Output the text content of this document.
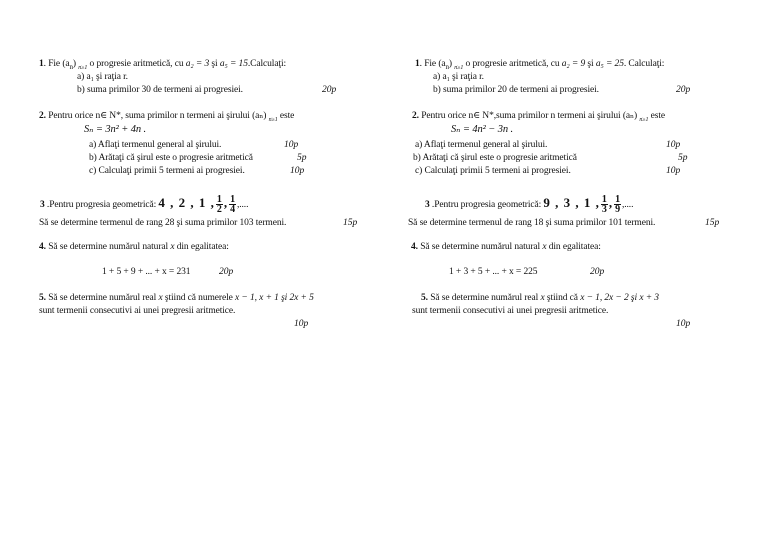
1. Fie $(a_n)$ $_{n\ge 1}$ o progresie aritmetică, cu a₂ = 3 şi a₅ = 15.Calculaţi:
a) a₁ şi raţia r.
b) suma primilor 30 de termeni ai progresiei.	20p
2. Pentru orice n∈ N*, suma primilor n termeni ai şirului (aₙ) $_{n\ge 1}$ este
Sₙ = 3n² + 4n .
a) Aflaţi termenul general al şirului.	10p
b) Arătaţi că şirul este o progresie aritmetică	5p
c) Calculaţi primii 5 termeni ai progresiei.	10p
3 .Pentru progresia geometrică: 4 , 2 , 1 , $\frac{1}{2}$ , $\frac{1}{4}$ ,....
Să se determine termenul de rang 28 şi suma primilor 103 termeni.	15p
4. Să se determine numărul natural x din egalitatea:
1 + 5 + 9 + ... + x = 231	20p
5. Să se determine numărul real x ştiind că numerele x − 1, x + 1 şi 2x + 5
sunt termenii consecutivi ai unei pregresii aritmetice.
10p
1. Fie $(a_n)$ $_{n\ge 1}$ o progresie aritmetică, cu a₂ = 9 şi a₅ = 25. Calculaţi:
a) a₁ şi raţia r.
b) suma primilor 20 de termeni ai progresiei.	20p
2. Pentru orice n∈ N*,suma primilor n termeni ai şirului (aₙ) $_{n\ge 1}$ este
Sₙ = 4n² − 3n .
a) Aflaţi termenul general al şirului.	10p
b) Arătaţi că şirul este o progresie aritmetică	5p
c) Calculaţi primii 5 termeni ai progresiei.	10p
3 .Pentru progresia geometrică: 9 , 3 , 1 , $\frac{1}{3}$ , $\frac{1}{9}$ ,....
Să se determine termenul de rang 18 şi suma primilor 101 termeni.	15p
4. Să se determine numărul natural x din egalitatea:
1 + 3 + 5 + ... + x = 225	20p
5. Să se determine numărul real x ştiind că x − 1, 2x − 2 şi x + 3
sunt termenii consecutivi ai unei pregresii aritmetice.
10p
